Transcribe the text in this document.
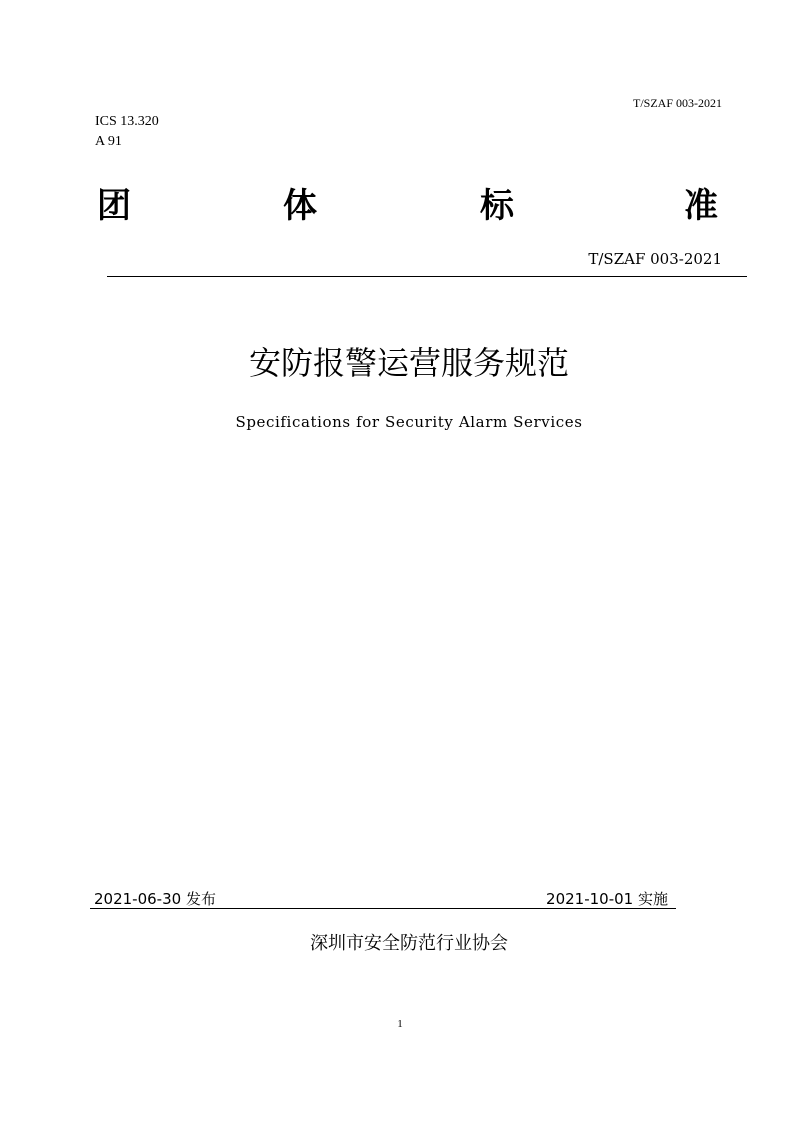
T/SZAF 003-2021
ICS 13.320
A 91
团	体	标	准
T/SZAF 003-2021
安防报警运营服务规范
Specifications for Security Alarm Services
2021-06-30 发布	2021-10-01 实施
深圳市安全防范行业协会
1
